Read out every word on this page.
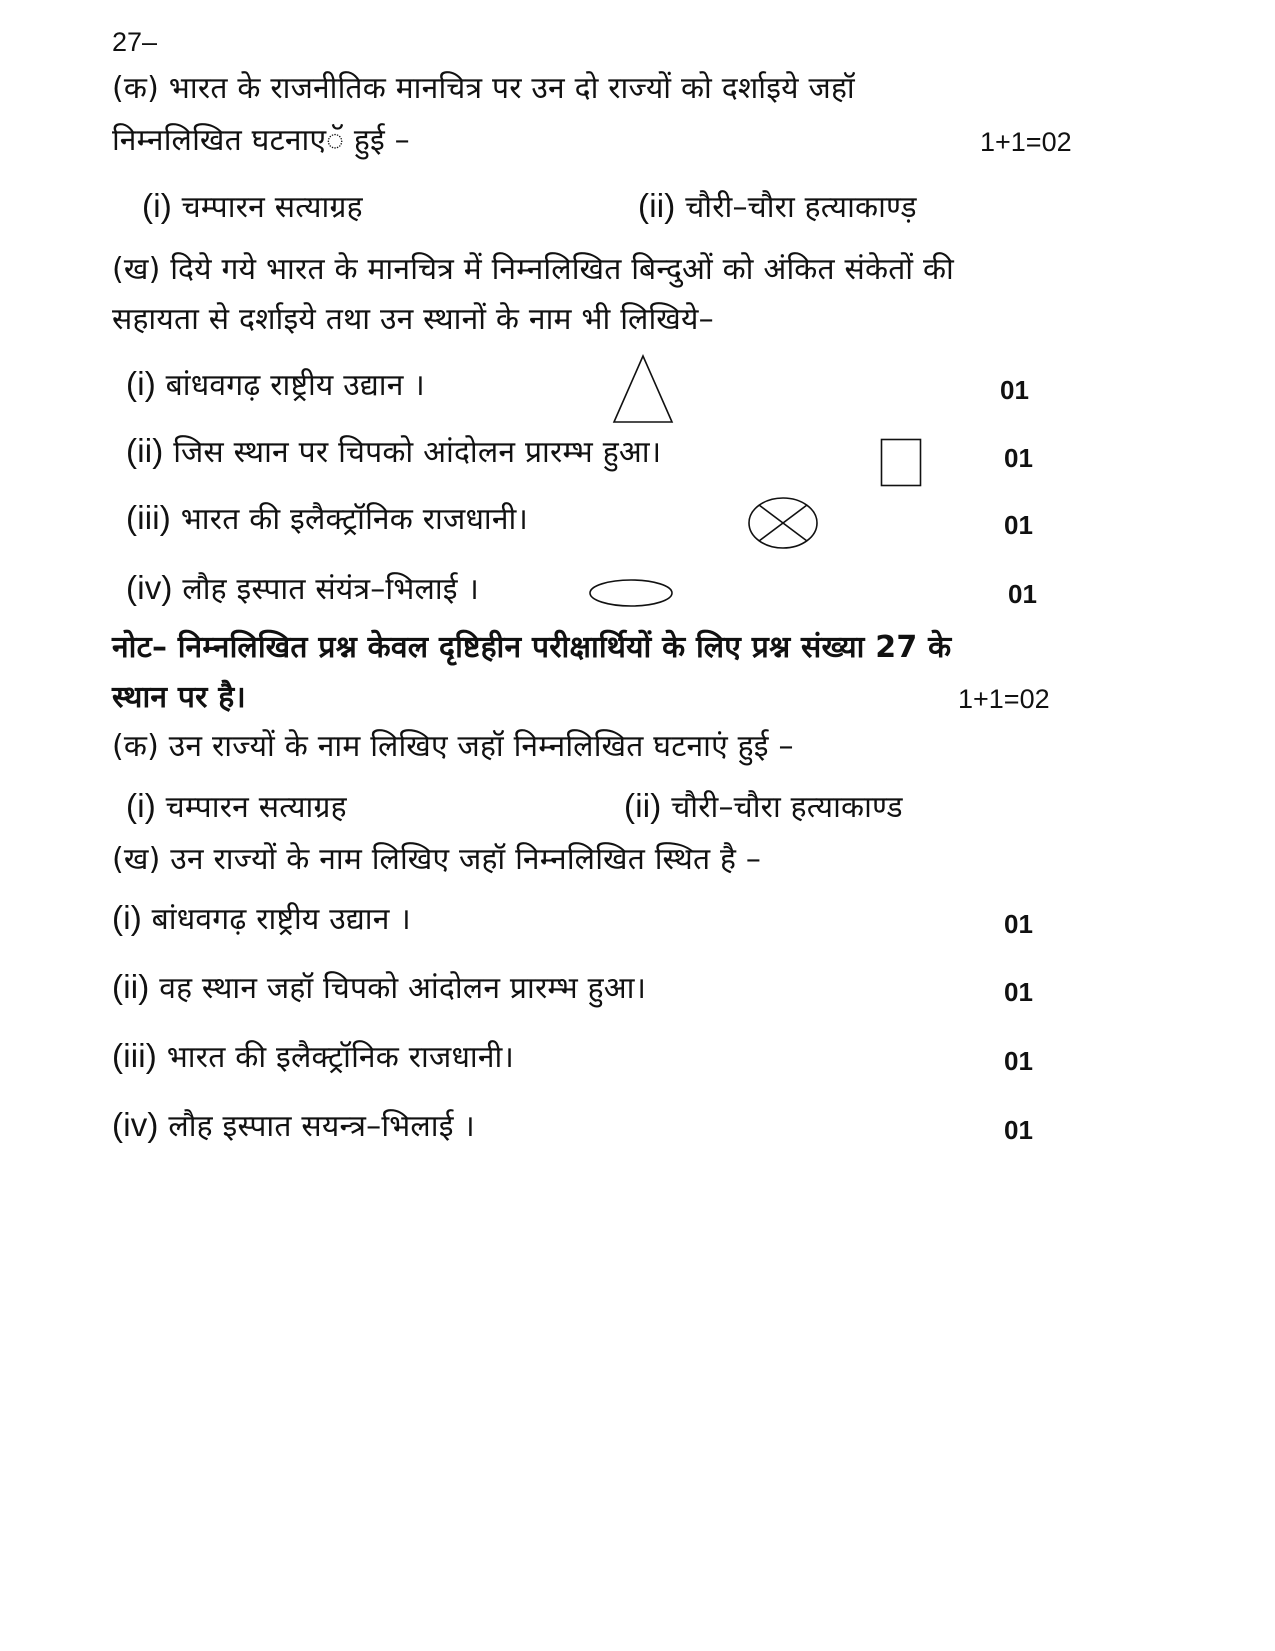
27–
(क) भारत के राजनीतिक मानचित्र पर उन दो राज्यों को दर्शाइये जहॉ
निम्नलिखित घटनाएॅ हुई –	1+1=02
(i) चम्पारन सत्याग्रह	(ii) चौरी–चौरा हत्याकाण्ड़
(ख) दिये गये भारत के मानचित्र में निम्नलिखित बिन्दुओं को अंकित संकेतों की
सहायता से दर्शाइये तथा उन स्थानों के नाम भी लिखिये–
(i) बांधवगढ़ राष्ट्रीय उद्यान ।	01
(ii) जिस स्थान पर चिपको आंदोलन प्रारम्भ हुआ।	01
(iii) भारत की इलैक्ट्रॉनिक राजधानी।	01
(iv) लौह इस्पात संयंत्र–भिलाई ।	01
नोट– निम्नलिखित प्रश्न केवल दृष्टिहीन परीक्षार्थियों के लिए प्रश्न संख्या 27 के
स्थान पर है।	1+1=02
(क) उन राज्यों के नाम लिखिए जहॉ निम्नलिखित घटनाएं हुई –
(i) चम्पारन सत्याग्रह	(ii) चौरी–चौरा हत्याकाण्ड
(ख) उन राज्यों के नाम लिखिए जहॉ निम्नलिखित स्थित है –
(i) बांधवगढ़ राष्ट्रीय उद्यान ।	01
(ii) वह स्थान जहॉ चिपको आंदोलन प्रारम्भ हुआ।	01
(iii) भारत की इलैक्ट्रॉनिक राजधानी।	01
(iv) लौह इस्पात सयन्त्र–भिलाई ।	01
